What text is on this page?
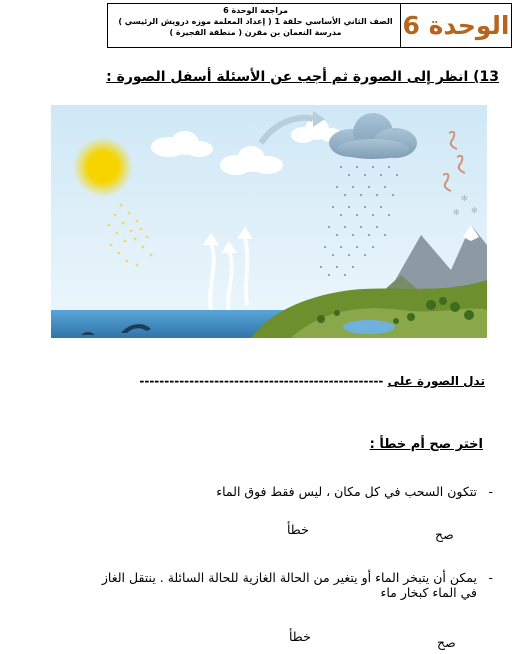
مراجعة الوحدة 6
الصف الثاني الأساسي حلقة 1 ( إعداد المعلمة موزه درويش الرئيسي )
مدرسة النعمان بن مقرن ( منطقة الفجيرة )	الوحدة 6
13) انظر إلى الصورة ثم أجب عن الأسئلة أسفل الصورة :
✻
✻
✻
تدل الصورة على -------------------------------------------------
اختر صح أم خطأ :
-
تتكون السحب في كل مكان ، ليس فقط فوق الماء
صح
خطأ
-
يمكن أن يتبخر الماء أو يتغير من الحالة الغازية للحالة السائلة . ينتقل الغاز
في الماء كبخار ماء
صح
خطأ
